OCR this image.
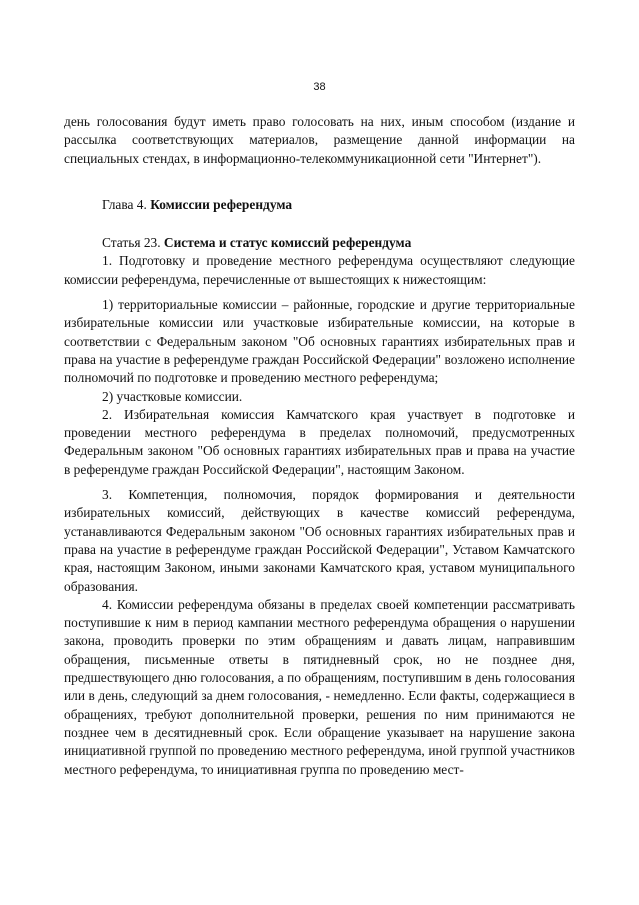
38

день голосования будут иметь право голосовать на них, иным способом (издание и рассылка соответствующих материалов, размещение данной информации на специальных стендах, в информационно-телекоммуникационной сети "Интернет").

Глава 4. Комиссии референдума

Статья 23. Система и статус комиссий референдума

1. Подготовку и проведение местного референдума осуществляют следующие комиссии референдума, перечисленные от вышестоящих к нижестоящим:

1) территориальные комиссии – районные, городские и другие территориальные избирательные комиссии или участковые избирательные комиссии, на которые в соответствии с Федеральным законом "Об основных гарантиях избирательных прав и права на участие в референдуме граждан Российской Федерации" возложено исполнение полномочий по подготовке и проведению местного референдума;

2) участковые комиссии.

2. Избирательная комиссия Камчатского края участвует в подготовке и проведении местного референдума в пределах полномочий, предусмотренных Федеральным законом "Об основных гарантиях избирательных прав и права на участие в референдуме граждан Российской Федерации", настоящим Законом.

3. Компетенция, полномочия, порядок формирования и деятельности избирательных комиссий, действующих в качестве комиссий референдума, устанавливаются Федеральным законом "Об основных гарантиях избирательных прав и права на участие в референдуме граждан Российской Федерации", Уставом Камчатского края, настоящим Законом, иными законами Камчатского края, уставом муниципального образования.

4. Комиссии референдума обязаны в пределах своей компетенции рассматривать поступившие к ним в период кампании местного референдума обращения о нарушении закона, проводить проверки по этим обращениям и давать лицам, направившим обращения, письменные ответы в пятидневный срок, но не позднее дня, предшествующего дню голосования, а по обращениям, поступившим в день голосования или в день, следующий за днем голосования, - немедленно. Если факты, содержащиеся в обращениях, требуют дополнительной проверки, решения по ним принимаются не позднее чем в десятидневный срок. Если обращение указывает на нарушение закона инициативной группой по проведению местного референдума, иной группой участников местного референдума, то инициативная группа по проведению мест-
